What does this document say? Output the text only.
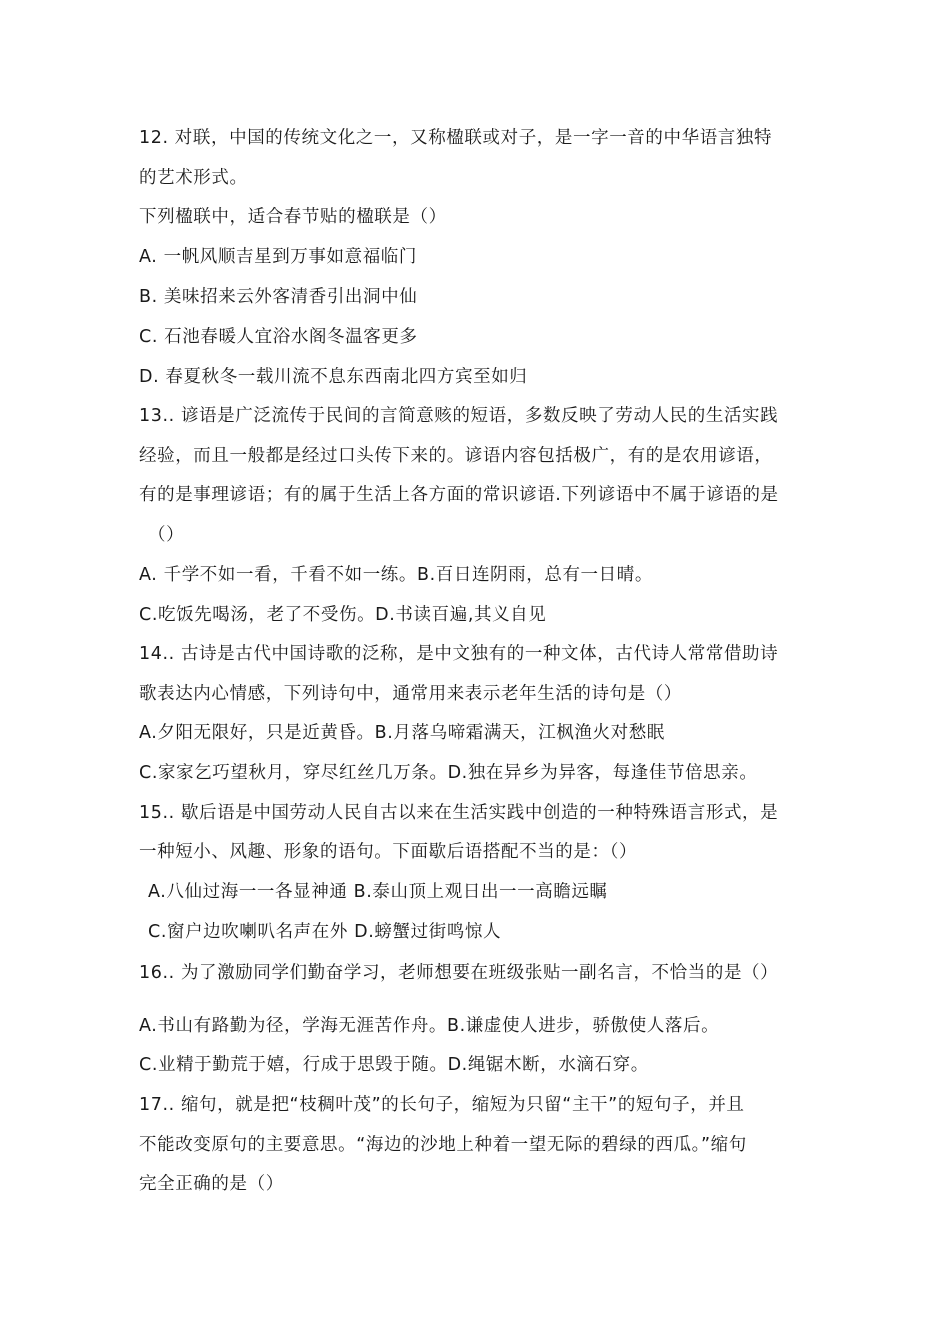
12. 对联，中国的传统文化之一，又称楹联或对子，是一字一音的中华语言独特
的艺术形式。
下列楹联中，适合春节贴的楹联是（）
A. 一帆风顺吉星到万事如意福临门
B. 美味招来云外客清香引出洞中仙
C. 石池春暖人宜浴水阁冬温客更多
D. 春夏秋冬一载川流不息东西南北四方宾至如归
13.. 谚语是广泛流传于民间的言简意赅的短语，多数反映了劳动人民的生活实践
经验，而且一般都是经过口头传下来的。谚语内容包括极广，有的是农用谚语，
有的是事理谚语；有的属于生活上各方面的常识谚语.下列谚语中不属于谚语的是
（）
A. 千学不如一看，千看不如一练。B.百日连阴雨，总有一日晴。
C.吃饭先喝汤，老了不受伤。D.书读百遍,其义自见
14.. 古诗是古代中国诗歌的泛称，是中文独有的一种文体，古代诗人常常借助诗
歌表达内心情感，下列诗句中，通常用来表示老年生活的诗句是（）
A.夕阳无限好，只是近黄昏。B.月落乌啼霜满天，江枫渔火对愁眠
C.家家乞巧望秋月，穿尽红丝几万条。D.独在异乡为异客，每逢佳节倍思亲。
15.. 歇后语是中国劳动人民自古以来在生活实践中创造的一种特殊语言形式，是
一种短小、风趣、形象的语句。下面歇后语搭配不当的是：（）
A.八仙过海一一各显神通 B.泰山顶上观日出一一高瞻远瞩
C.窗户边吹喇叭名声在外 D.螃蟹过街鸣惊人
16.. 为了激励同学们勤奋学习，老师想要在班级张贴一副名言，不恰当的是（）
A.书山有路勤为径，学海无涯苦作舟。B.谦虚使人进步，骄傲使人落后。
C.业精于勤荒于嬉，行成于思毁于随。D.绳锯木断，水滴石穿。
17.. 缩句，就是把“枝稠叶茂”的长句子，缩短为只留“主干”的短句子，并且
不能改变原句的主要意思。“海边的沙地上种着一望无际的碧绿的西瓜。”缩句
完全正确的是（）
